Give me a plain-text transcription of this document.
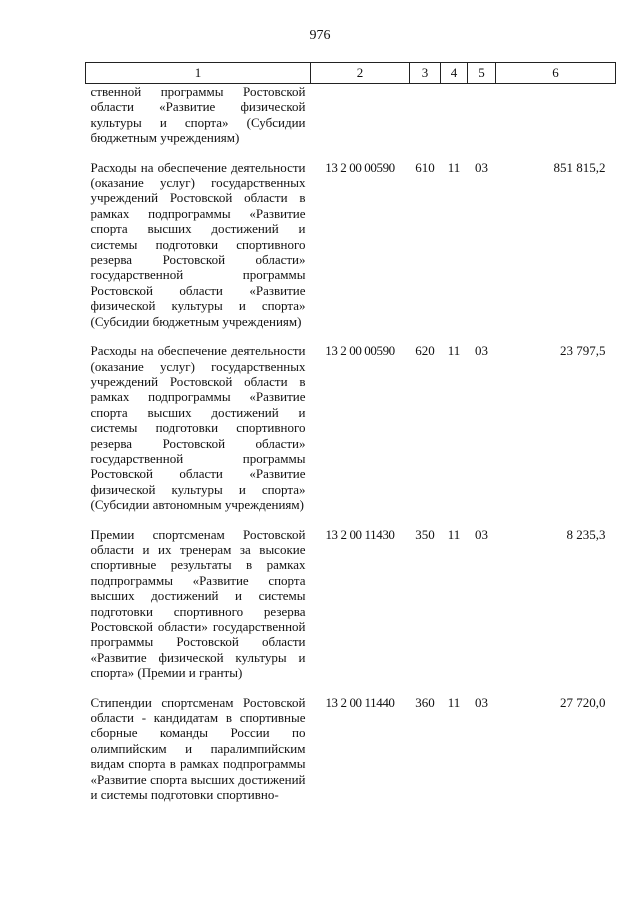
976
1	2	3	4	5	6
ственной программы Ростовской области «Развитие физической культуры и спорта» (Субсидии бюджетным учреждениям)					

Расходы на обеспечение деятельности (оказание услуг) государственных учреждений Ростовской области в рамках подпрограммы «Развитие спорта высших достижений и системы подготовки спортивного резерва Ростовской области» государственной программы Ростовской области «Развитие физической культуры и спорта» (Субсидии бюджетным учреждениям)	13 2 00 00590	610	11	03	851 815,2

Расходы на обеспечение деятельности (оказание услуг) государственных учреждений Ростовской области в рамках подпрограммы «Развитие спорта высших достижений и системы подготовки спортивного резерва Ростовской области» государственной программы Ростовской области «Развитие физической культуры и спорта» (Субсидии автономным учреждениям)	13 2 00 00590	620	11	03	23 797,5

Премии спортсменам Ростовской области и их тренерам за высокие спортивные результаты в рамках подпрограммы «Развитие спорта высших достижений и системы подготовки спортивного резерва Ростовской области» государственной программы Ростовской области «Развитие физической культуры и спорта» (Премии и гранты)	13 2 00 11430	350	11	03	8 235,3

Стипендии спортсменам Ростовской области - кандидатам в спортивные сборные команды России по олимпийским и паралимпийским видам спорта в рамках подпрограммы «Развитие спорта высших достижений и системы подготовки спортивно-	13 2 00 11440	360	11	03	27 720,0
